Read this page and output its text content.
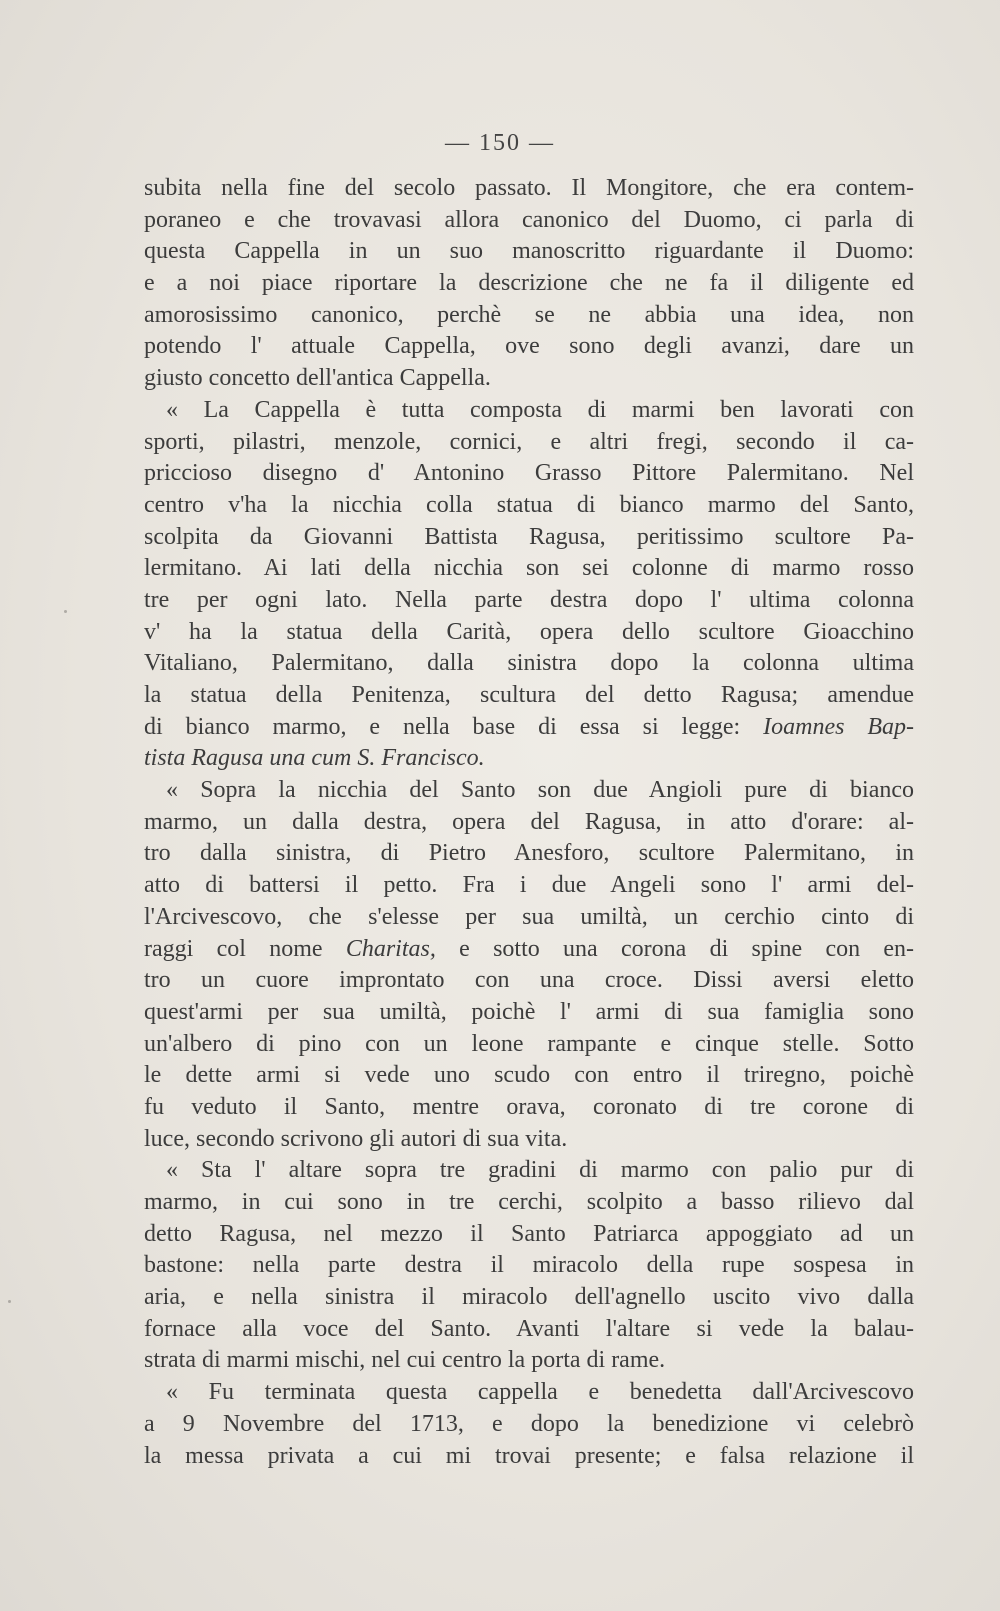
— 150 —
subita nella fine del secolo passato. Il Mongitore, che era contem-
poraneo e che trovavasi allora canonico del Duomo, ci parla di
questa Cappella in un suo manoscritto riguardante il Duomo:
e a noi piace riportare la descrizione che ne fa il diligente ed
amorosissimo canonico, perchè se ne abbia una idea, non
potendo l' attuale Cappella, ove sono degli avanzi, dare un
giusto concetto dell'antica Cappella.
« La Cappella è tutta composta di marmi ben lavorati con
sporti, pilastri, menzole, cornici, e altri fregi, secondo il ca-
priccioso disegno d' Antonino Grasso Pittore Palermitano. Nel
centro v'ha la nicchia colla statua di bianco marmo del Santo,
scolpita da Giovanni Battista Ragusa, peritissimo scultore Pa-
lermitano. Ai lati della nicchia son sei colonne di marmo rosso
tre per ogni lato. Nella parte destra dopo l' ultima colonna
v' ha la statua della Carità, opera dello scultore Gioacchino
Vitaliano, Palermitano, dalla sinistra dopo la colonna ultima
la statua della Penitenza, scultura del detto Ragusa; amendue
di bianco marmo, e nella base di essa si legge: Ioamnes Bap-
tista Ragusa una cum S. Francisco.
« Sopra la nicchia del Santo son due Angioli pure di bianco
marmo, un dalla destra, opera del Ragusa, in atto d'orare: al-
tro dalla sinistra, di Pietro Anesforo, scultore Palermitano, in
atto di battersi il petto. Fra i due Angeli sono l' armi del-
l'Arcivescovo, che s'elesse per sua umiltà, un cerchio cinto di
raggi col nome Charitas, e sotto una corona di spine con en-
tro un cuore improntato con una croce. Dissi aversi eletto
quest'armi per sua umiltà, poichè l' armi di sua famiglia sono
un'albero di pino con un leone rampante e cinque stelle. Sotto
le dette armi si vede uno scudo con entro il triregno, poichè
fu veduto il Santo, mentre orava, coronato di tre corone di
luce, secondo scrivono gli autori di sua vita.
« Sta l' altare sopra tre gradini di marmo con palio pur di
marmo, in cui sono in tre cerchi, scolpito a basso rilievo dal
detto Ragusa, nel mezzo il Santo Patriarca appoggiato ad un
bastone: nella parte destra il miracolo della rupe sospesa in
aria, e nella sinistra il miracolo dell'agnello uscito vivo dalla
fornace alla voce del Santo. Avanti l'altare si vede la balau-
strata di marmi mischi, nel cui centro la porta di rame.
« Fu terminata questa cappella e benedetta dall'Arcivescovo
a 9 Novembre del 1713, e dopo la benedizione vi celebrò
la messa privata a cui mi trovai presente; e falsa relazione il
